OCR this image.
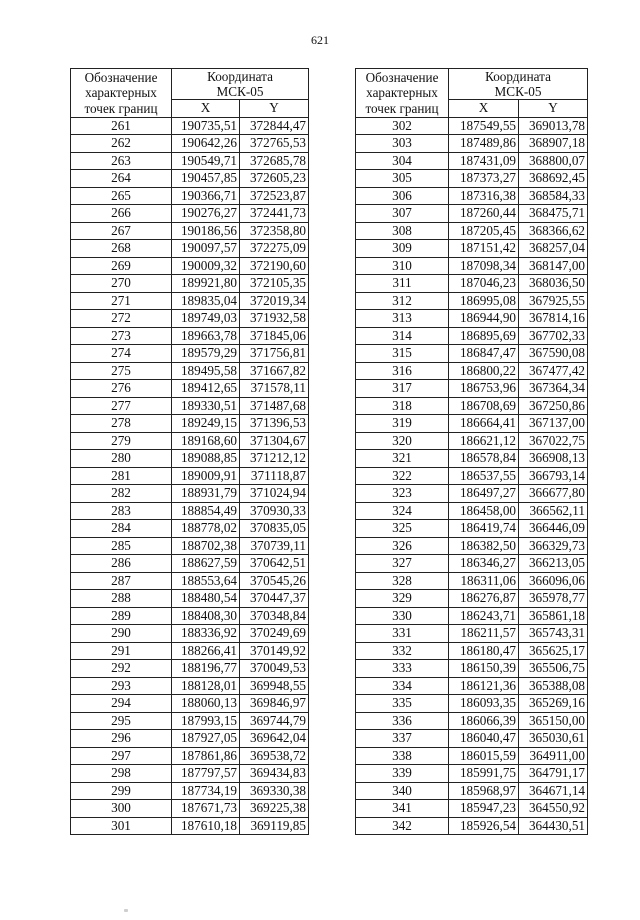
621
Обозначение
характерных
точек границ	Координата
МСК-05	
	X	Y
261	190735,51	372844,47
262	190642,26	372765,53
263	190549,71	372685,78
264	190457,85	372605,23
265	190366,71	372523,87
266	190276,27	372441,73
267	190186,56	372358,80
268	190097,57	372275,09
269	190009,32	372190,60
270	189921,80	372105,35
271	189835,04	372019,34
272	189749,03	371932,58
273	189663,78	371845,06
274	189579,29	371756,81
275	189495,58	371667,82
276	189412,65	371578,11
277	189330,51	371487,68
278	189249,15	371396,53
279	189168,60	371304,67
280	189088,85	371212,12
281	189009,91	371118,87
282	188931,79	371024,94
283	188854,49	370930,33
284	188778,02	370835,05
285	188702,38	370739,11
286	188627,59	370642,51
287	188553,64	370545,26
288	188480,54	370447,37
289	188408,30	370348,84
290	188336,92	370249,69
291	188266,41	370149,92
292	188196,77	370049,53
293	188128,01	369948,55
294	188060,13	369846,97
295	187993,15	369744,79
296	187927,05	369642,04
297	187861,86	369538,72
298	187797,57	369434,83
299	187734,19	369330,38
300	187671,73	369225,38
301	187610,18	369119,85
Обозначение
характерных
точек границ	Координата
МСК-05	
	X	Y
302	187549,55	369013,78
303	187489,86	368907,18
304	187431,09	368800,07
305	187373,27	368692,45
306	187316,38	368584,33
307	187260,44	368475,71
308	187205,45	368366,62
309	187151,42	368257,04
310	187098,34	368147,00
311	187046,23	368036,50
312	186995,08	367925,55
313	186944,90	367814,16
314	186895,69	367702,33
315	186847,47	367590,08
316	186800,22	367477,42
317	186753,96	367364,34
318	186708,69	367250,86
319	186664,41	367137,00
320	186621,12	367022,75
321	186578,84	366908,13
322	186537,55	366793,14
323	186497,27	366677,80
324	186458,00	366562,11
325	186419,74	366446,09
326	186382,50	366329,73
327	186346,27	366213,05
328	186311,06	366096,06
329	186276,87	365978,77
330	186243,71	365861,18
331	186211,57	365743,31
332	186180,47	365625,17
333	186150,39	365506,75
334	186121,36	365388,08
335	186093,35	365269,16
336	186066,39	365150,00
337	186040,47	365030,61
338	186015,59	364911,00
339	185991,75	364791,17
340	185968,97	364671,14
341	185947,23	364550,92
342	185926,54	364430,51
